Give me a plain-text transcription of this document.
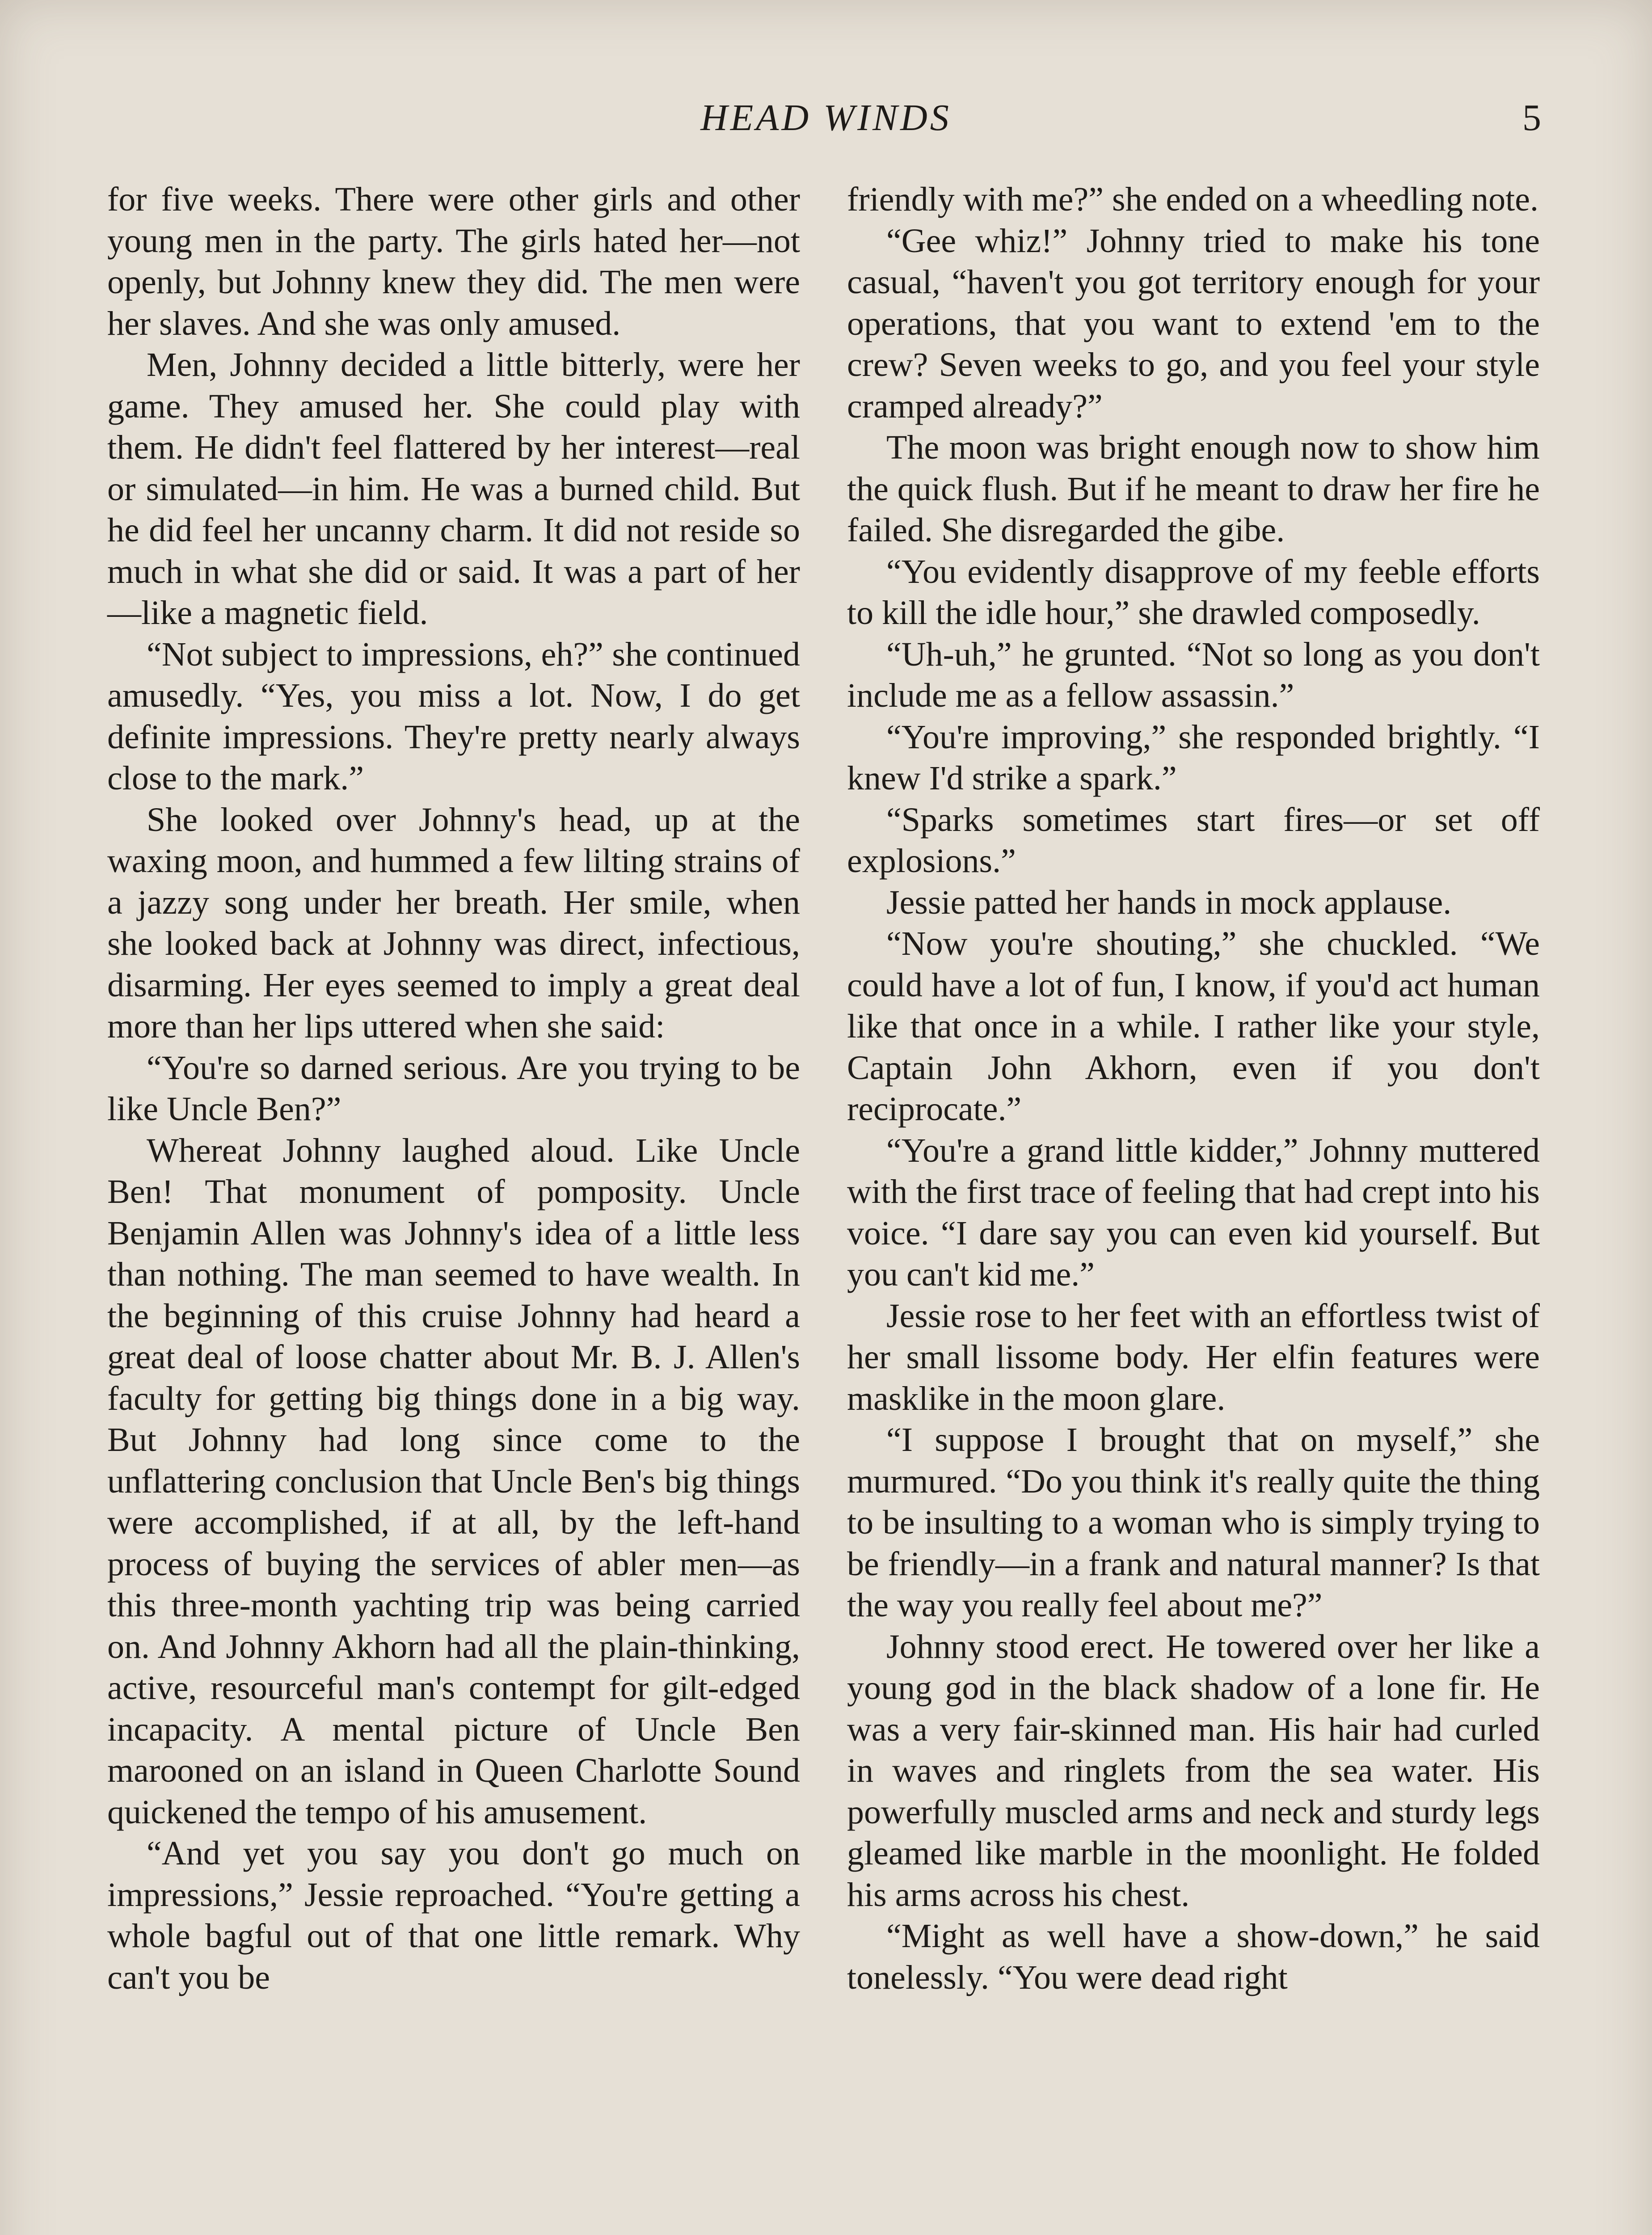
HEAD WINDS	5

for five weeks. There were other girls and other young men in the party. The girls hated her—not openly, but Johnny knew they did. The men were her slaves. And she was only amused.

Men, Johnny decided a little bitterly, were her game. They amused her. She could play with them. He didn't feel flattered by her interest—real or simulated—in him. He was a burned child. But he did feel her uncanny charm. It did not reside so much in what she did or said. It was a part of her—like a magnetic field.

“Not subject to impressions, eh?” she continued amusedly. “Yes, you miss a lot. Now, I do get definite impressions. They're pretty nearly always close to the mark.”

She looked over Johnny's head, up at the waxing moon, and hummed a few lilting strains of a jazzy song under her breath. Her smile, when she looked back at Johnny was direct, infectious, disarming. Her eyes seemed to imply a great deal more than her lips uttered when she said:

“You're so darned serious. Are you trying to be like Uncle Ben?”

Whereat Johnny laughed aloud. Like Uncle Ben! That monument of pomposity. Uncle Benjamin Allen was Johnny's idea of a little less than nothing. The man seemed to have wealth. In the beginning of this cruise Johnny had heard a great deal of loose chatter about Mr. B. J. Allen's faculty for getting big things done in a big way. But Johnny had long since come to the unflattering conclusion that Uncle Ben's big things were accomplished, if at all, by the left-hand process of buying the services of abler men—as this three-month yachting trip was being carried on. And Johnny Akhorn had all the plain-thinking, active, resourceful man's contempt for gilt-edged incapacity. A mental picture of Uncle Ben marooned on an island in Queen Charlotte Sound quickened the tempo of his amusement.

“And yet you say you don't go much on impressions,” Jessie reproached. “You're getting a whole bagful out of that one little remark. Why can't you be

friendly with me?” she ended on a wheedling note.

“Gee whiz!” Johnny tried to make his tone casual, “haven't you got territory enough for your operations, that you want to extend 'em to the crew? Seven weeks to go, and you feel your style cramped already?”

The moon was bright enough now to show him the quick flush. But if he meant to draw her fire he failed. She disregarded the gibe.

“You evidently disapprove of my feeble efforts to kill the idle hour,” she drawled composedly.

“Uh-uh,” he grunted. “Not so long as you don't include me as a fellow assassin.”

“You're improving,” she responded brightly. “I knew I'd strike a spark.”

“Sparks sometimes start fires—or set off explosions.”

Jessie patted her hands in mock applause.

“Now you're shouting,” she chuckled. “We could have a lot of fun, I know, if you'd act human like that once in a while. I rather like your style, Captain John Akhorn, even if you don't reciprocate.”

“You're a grand little kidder,” Johnny muttered with the first trace of feeling that had crept into his voice. “I dare say you can even kid yourself. But you can't kid me.”

Jessie rose to her feet with an effortless twist of her small lissome body. Her elfin features were masklike in the moon glare.

“I suppose I brought that on myself,” she murmured. “Do you think it's really quite the thing to be insulting to a woman who is simply trying to be friendly—in a frank and natural manner? Is that the way you really feel about me?”

Johnny stood erect. He towered over her like a young god in the black shadow of a lone fir. He was a very fair-skinned man. His hair had curled in waves and ringlets from the sea water. His powerfully muscled arms and neck and sturdy legs gleamed like marble in the moonlight. He folded his arms across his chest.

“Might as well have a show-down,” he said tonelessly. “You were dead right
